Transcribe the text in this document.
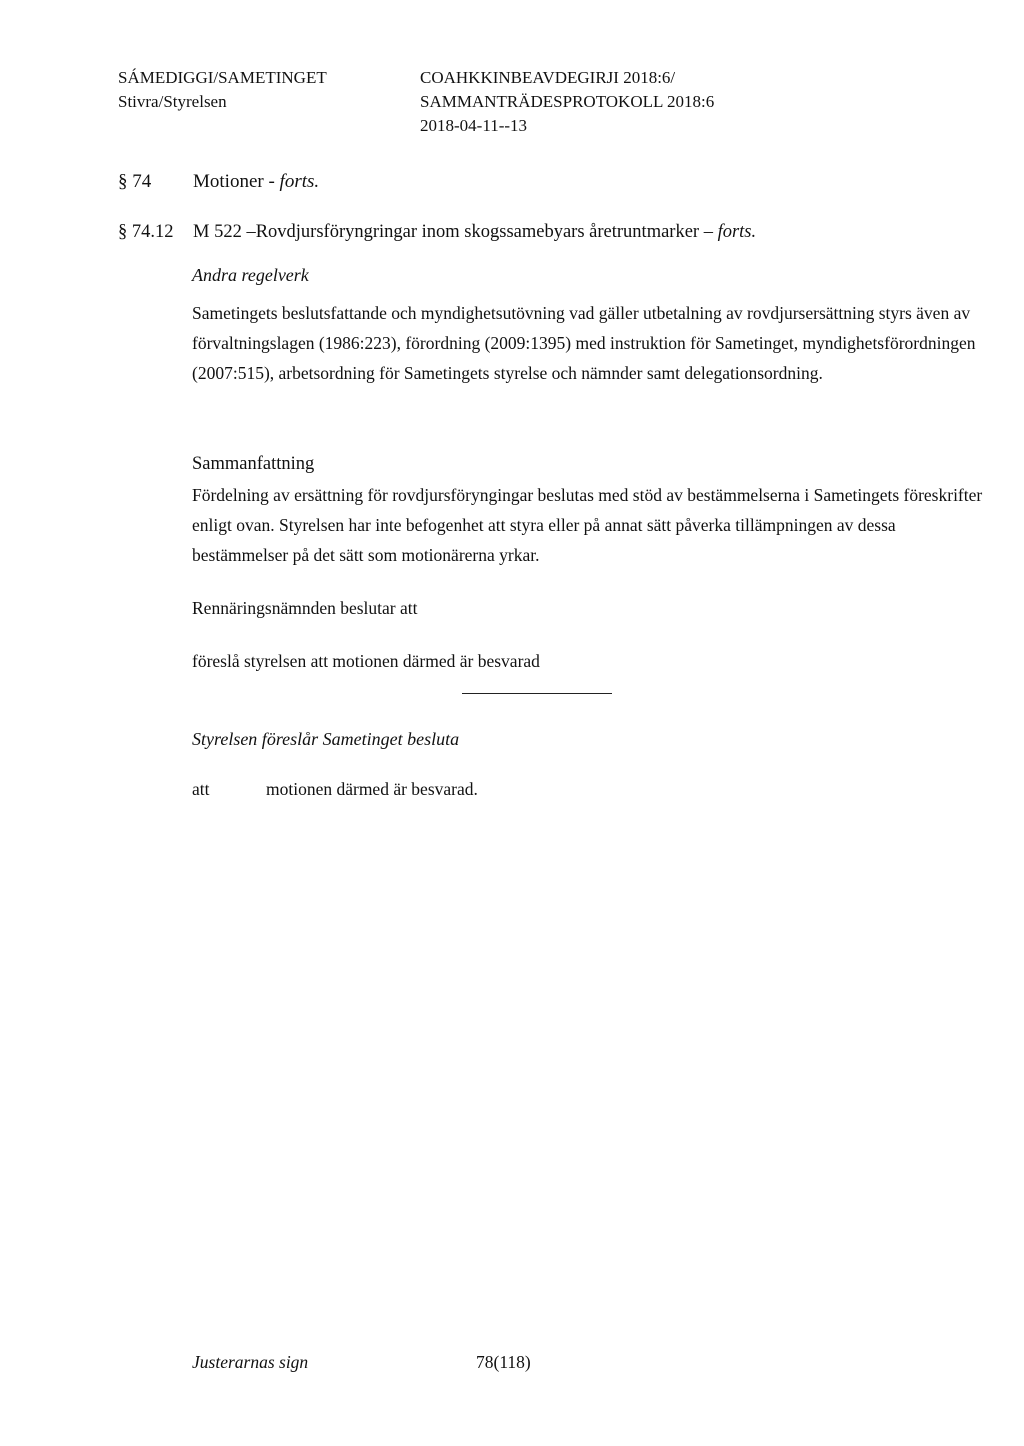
SÁMEDIGGI/SAMETINGET
Stivra/Styrelsen
COAHKKINBEAVDEGIRJI 2018:6/
SAMMANTRÄDESPROTOKOLL 2018:6
2018-04-11--13
§ 74 Motioner - forts.
§ 74.12 M 522 –Rovdjursföryngringar inom skogssamebyars åretruntmarker – forts.
Andra regelverk
Sametingets beslutsfattande och myndighetsutövning vad gäller utbetalning av rovdjursersättning styrs även av förvaltningslagen (1986:223), förordning (2009:1395) med instruktion för Sametinget, myndighetsförordningen (2007:515), arbetsordning för Sametingets styrelse och nämnder samt delegationsordning.
Sammanfattning
Fördelning av ersättning för rovdjursföryngingar beslutas med stöd av bestämmelserna i Sametingets föreskrifter enligt ovan. Styrelsen har inte befogenhet att styra eller på annat sätt påverka tillämpningen av dessa bestämmelser på det sätt som motionärerna yrkar.
Rennäringsnämnden beslutar att
föreslå styrelsen att motionen därmed är besvarad
Styrelsen föreslår Sametinget besluta
att	motionen därmed är besvarad.
Justerarnas sign	78(118)
